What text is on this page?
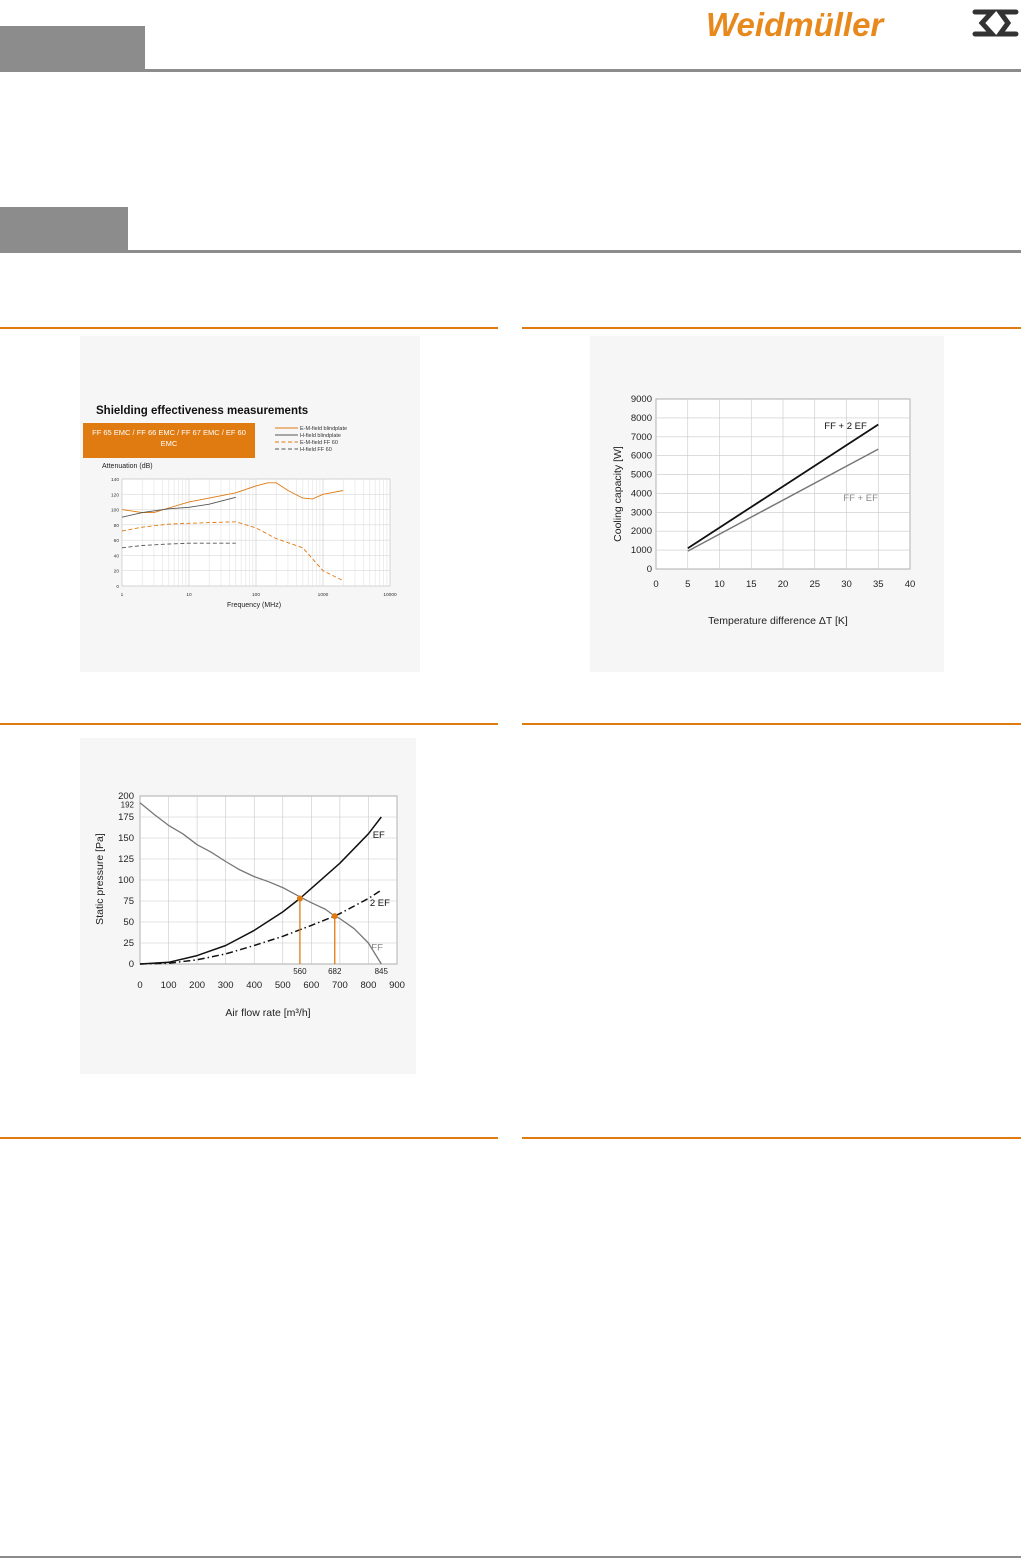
Weidmüller
Shielding effectiveness measurements
FF 65 EMC / FF 66 EMC / FF 67 EMC / EF 60 EMC
Attenuation (dB)
Frequency (MHz)
0
20
40
60
80
100
120
140
1	10	100	1000	10000
E-M-field blindplate
H-field blindplate
E-M-field FF 60
H-field FF 60
0	5	10 15 20 25 30 35 40
0
1000
2000
3000
4000
5000
6000
7000
8000
9000
FF + 2 EF
FF + EF
Temperature difference ΔT [K]
Cooling capacity [W]
560	682	845
0 100 200 300 400 500 600 700 800 900
0
25
50
75
100
125
150
175
200
192
EF
2 EF
FF
Air flow rate [m³/h]
Static pressure [Pa]
